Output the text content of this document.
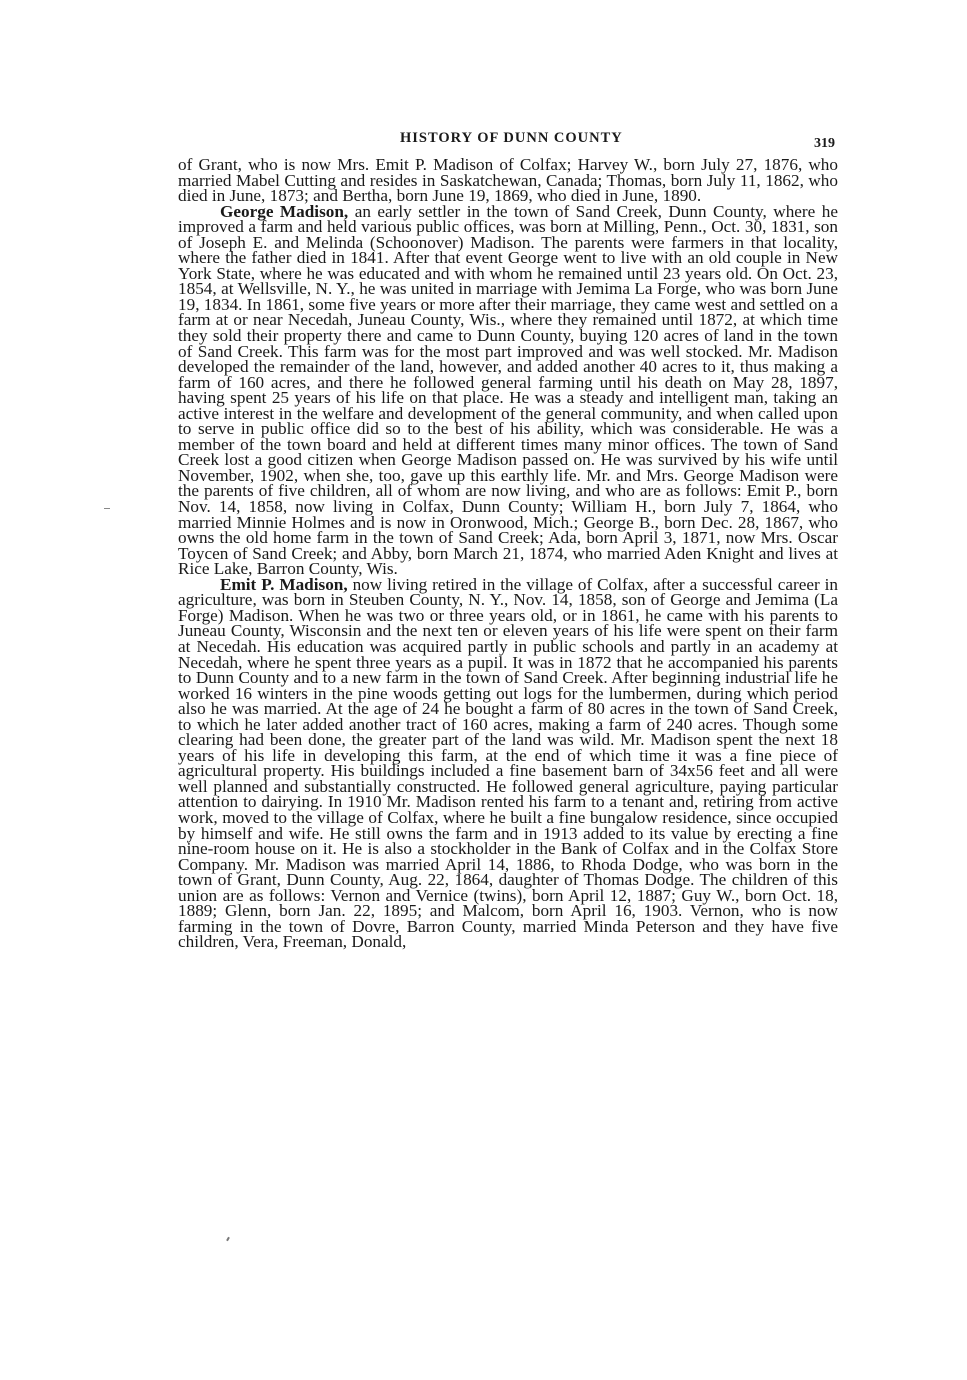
HISTORY OF DUNN COUNTY	319

of Grant, who is now Mrs. Emit P. Madison of Colfax; Harvey W., born July 27, 1876, who married Mabel Cutting and resides in Saskatchewan, Canada; Thomas, born July 11, 1862, who died in June, 1873; and Bertha, born June 19, 1869, who died in June, 1890.

George Madison, an early settler in the town of Sand Creek, Dunn County, where he improved a farm and held various public offices, was born at Milling, Penn., Oct. 30, 1831, son of Joseph E. and Melinda (Schoonover) Madison. The parents were farmers in that locality, where the father died in 1841. After that event George went to live with an old couple in New York State, where he was educated and with whom he remained until 23 years old. On Oct. 23, 1854, at Wellsville, N. Y., he was united in marriage with Jemima La Forge, who was born June 19, 1834. In 1861, some five years or more after their marriage, they came west and settled on a farm at or near Necedah, Juneau County, Wis., where they remained until 1872, at which time they sold their property there and came to Dunn County, buying 120 acres of land in the town of Sand Creek. This farm was for the most part improved and was well stocked. Mr. Madison developed the remainder of the land, however, and added another 40 acres to it, thus making a farm of 160 acres, and there he followed general farming until his death on May 28, 1897, having spent 25 years of his life on that place. He was a steady and intelligent man, taking an active interest in the welfare and development of the general community, and when called upon to serve in public office did so to the best of his ability, which was considerable. He was a member of the town board and held at different times many minor offices. The town of Sand Creek lost a good citizen when George Madison passed on. He was survived by his wife until November, 1902, when she, too, gave up this earthly life. Mr. and Mrs. George Madison were the parents of five children, all of whom are now living, and who are as follows: Emit P., born Nov. 14, 1858, now living in Colfax, Dunn County; William H., born July 7, 1864, who married Minnie Holmes and is now in Oronwood, Mich.; George B., born Dec. 28, 1867, who owns the old home farm in the town of Sand Creek; Ada, born April 3, 1871, now Mrs. Oscar Toycen of Sand Creek; and Abby, born March 21, 1874, who married Aden Knight and lives at Rice Lake, Barron County, Wis.

Emit P. Madison, now living retired in the village of Colfax, after a successful career in agriculture, was born in Steuben County, N. Y., Nov. 14, 1858, son of George and Jemima (La Forge) Madison. When he was two or three years old, or in 1861, he came with his parents to Juneau County, Wisconsin and the next ten or eleven years of his life were spent on their farm at Necedah. His education was acquired partly in public schools and partly in an academy at Necedah, where he spent three years as a pupil. It was in 1872 that he accompanied his parents to Dunn County and to a new farm in the town of Sand Creek. After beginning industrial life he worked 16 winters in the pine woods getting out logs for the lumbermen, during which period also he was married. At the age of 24 he bought a farm of 80 acres in the town of Sand Creek, to which he later added another tract of 160 acres, making a farm of 240 acres. Though some clearing had been done, the greater part of the land was wild. Mr. Madison spent the next 18 years of his life in developing this farm, at the end of which time it was a fine piece of agricultural property. His buildings included a fine basement barn of 34x56 feet and all were well planned and substantially constructed. He followed general agriculture, paying particular attention to dairying. In 1910 Mr. Madison rented his farm to a tenant and, retiring from active work, moved to the village of Colfax, where he built a fine bungalow residence, since occupied by himself and wife. He still owns the farm and in 1913 added to its value by erecting a fine nine-room house on it. He is also a stockholder in the Bank of Colfax and in the Colfax Store Company. Mr. Madison was married April 14, 1886, to Rhoda Dodge, who was born in the town of Grant, Dunn County, Aug. 22, 1864, daughter of Thomas Dodge. The children of this union are as follows: Vernon and Vernice (twins), born April 12, 1887; Guy W., born Oct. 18, 1889; Glenn, born Jan. 22, 1895; and Malcom, born April 16, 1903. Vernon, who is now farming in the town of Dovre, Barron County, married Minda Peterson and they have five children, Vera, Freeman, Donald,
